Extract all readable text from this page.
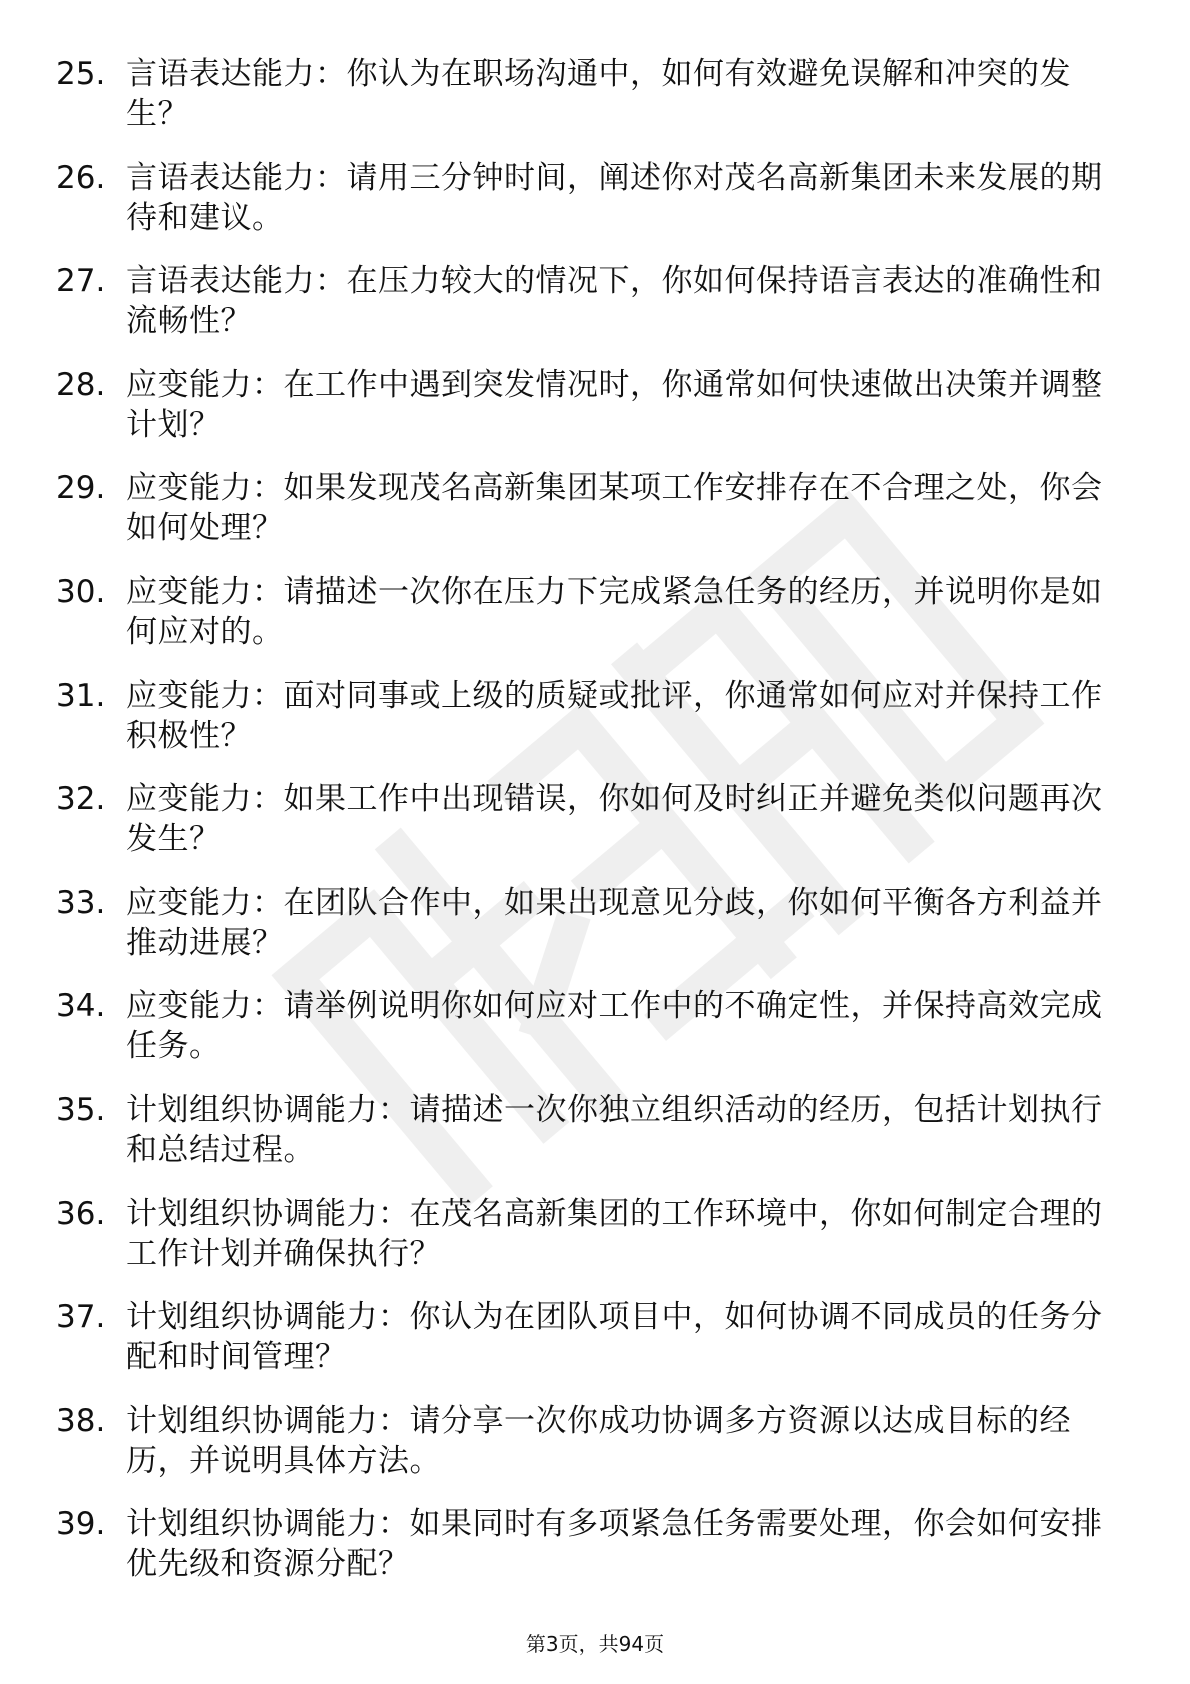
25. 言语表达能力：你认为在职场沟通中，如何有效避免误解和冲突的发生？
26. 言语表达能力：请用三分钟时间，阐述你对茂名高新集团未来发展的期待和建议。
27. 言语表达能力：在压力较大的情况下，你如何保持语言表达的准确性和流畅性？
28. 应变能力：在工作中遇到突发情况时，你通常如何快速做出决策并调整计划？
29. 应变能力：如果发现茂名高新集团某项工作安排存在不合理之处，你会如何处理？
30. 应变能力：请描述一次你在压力下完成紧急任务的经历，并说明你是如何应对的。
31. 应变能力：面对同事或上级的质疑或批评，你通常如何应对并保持工作积极性？
32. 应变能力：如果工作中出现错误，你如何及时纠正并避免类似问题再次发生？
33. 应变能力：在团队合作中，如果出现意见分歧，你如何平衡各方利益并推动进展？
34. 应变能力：请举例说明你如何应对工作中的不确定性，并保持高效完成任务。
35. 计划组织协调能力：请描述一次你独立组织活动的经历，包括计划执行和总结过程。
36. 计划组织协调能力：在茂名高新集团的工作环境中，你如何制定合理的工作计划并确保执行？
37. 计划组织协调能力：你认为在团队项目中，如何协调不同成员的任务分配和时间管理？
38. 计划组织协调能力：请分享一次你成功协调多方资源以达成目标的经历，并说明具体方法。
39. 计划组织协调能力：如果同时有多项紧急任务需要处理，你会如何安排优先级和资源分配？
第3页，共94页
